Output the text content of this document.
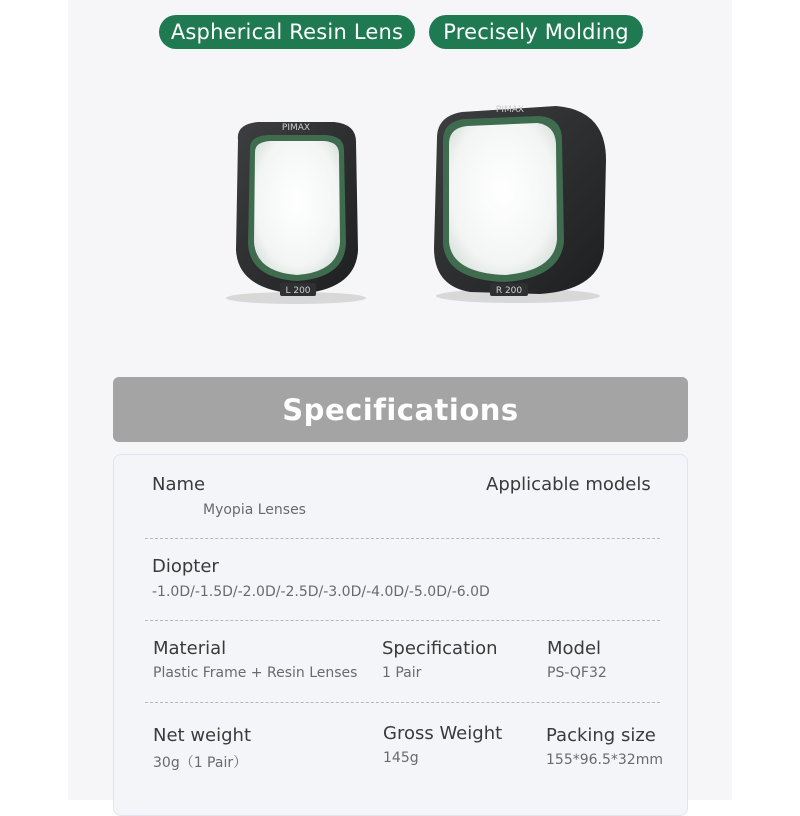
Aspherical Resin Lens	Precisely Molding
L 200
PIMAX
R 200
PIMAX
Specifications
Name
Myopia Lenses
Applicable models
Diopter
-1.0D/-1.5D/-2.0D/-2.5D/-3.0D/-4.0D/-5.0D/-6.0D
Material
Plastic Frame + Resin Lenses
Specification
1 Pair
Model
PS-QF32
Net weight
30g（1 Pair）
Gross Weight
145g
Packing size
155*96.5*32mm
